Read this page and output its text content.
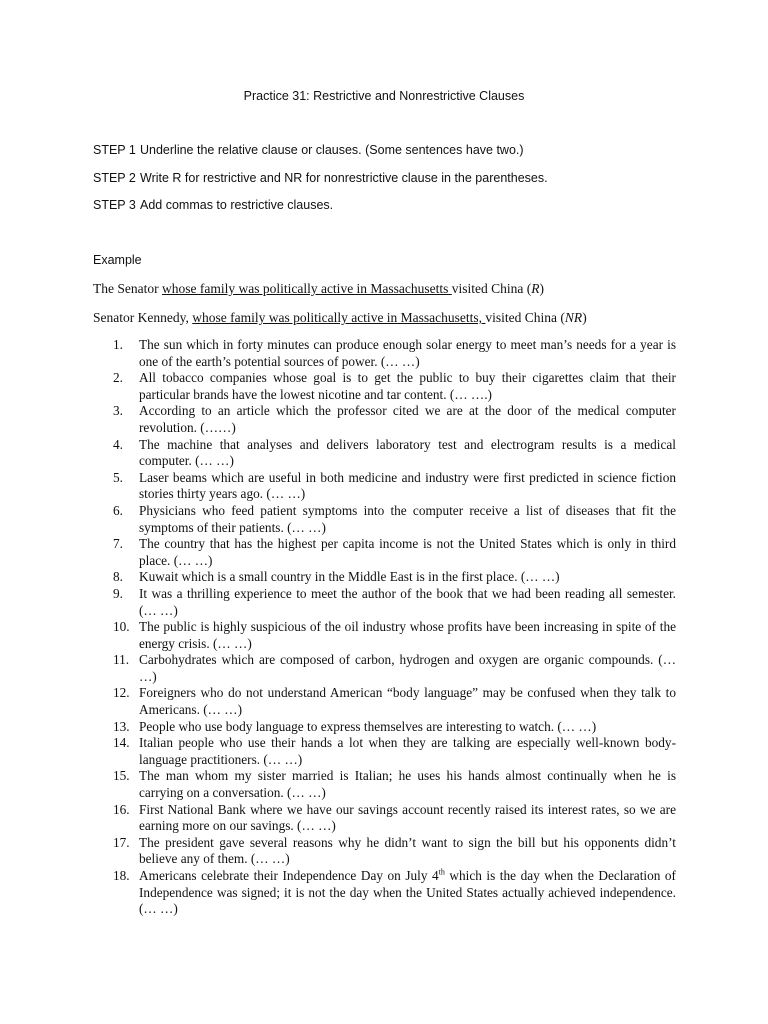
Practice 31: Restrictive and Nonrestrictive Clauses
STEP 1 Underline the relative clause or clauses. (Some sentences have two.)
STEP 2 Write R for restrictive and NR for nonrestrictive clause in the parentheses.
STEP 3 Add commas to restrictive clauses.
Example
The Senator whose family was politically active in Massachusetts visited China (R)
Senator Kennedy, whose family was politically active in Massachusetts, visited China (NR)
1. The sun which in forty minutes can produce enough solar energy to meet man’s needs for a year is one of the earth’s potential sources of power. (… …)
2. All tobacco companies whose goal is to get the public to buy their cigarettes claim that their particular brands have the lowest nicotine and tar content. (… ….)
3. According to an article which the professor cited we are at the door of the medical computer revolution. (……)
4. The machine that analyses and delivers laboratory test and electrogram results is a medical computer. (… …)
5. Laser beams which are useful in both medicine and industry were first predicted in science fiction stories thirty years ago. (… …)
6. Physicians who feed patient symptoms into the computer receive a list of diseases that fit the symptoms of their patients. (… …)
7. The country that has the highest per capita income is not the United States which is only in third place. (… …)
8. Kuwait which is a small country in the Middle East is in the first place. (… …)
9. It was a thrilling experience to meet the author of the book that we had been reading all semester. (… …)
10. The public is highly suspicious of the oil industry whose profits have been increasing in spite of the energy crisis. (… …)
11. Carbohydrates which are composed of carbon, hydrogen and oxygen are organic compounds. (… …)
12. Foreigners who do not understand American “body language” may be confused when they talk to Americans. (… …)
13. People who use body language to express themselves are interesting to watch. (… …)
14. Italian people who use their hands a lot when they are talking are especially well-known body-language practitioners. (… …)
15. The man whom my sister married is Italian; he uses his hands almost continually when he is carrying on a conversation. (… …)
16. First National Bank where we have our savings account recently raised its interest rates, so we are earning more on our savings. (… …)
17. The president gave several reasons why he didn’t want to sign the bill but his opponents didn’t believe any of them. (… …)
18. Americans celebrate their Independence Day on July 4th which is the day when the Declaration of Independence was signed; it is not the day when the United States actually achieved independence. (… …)
